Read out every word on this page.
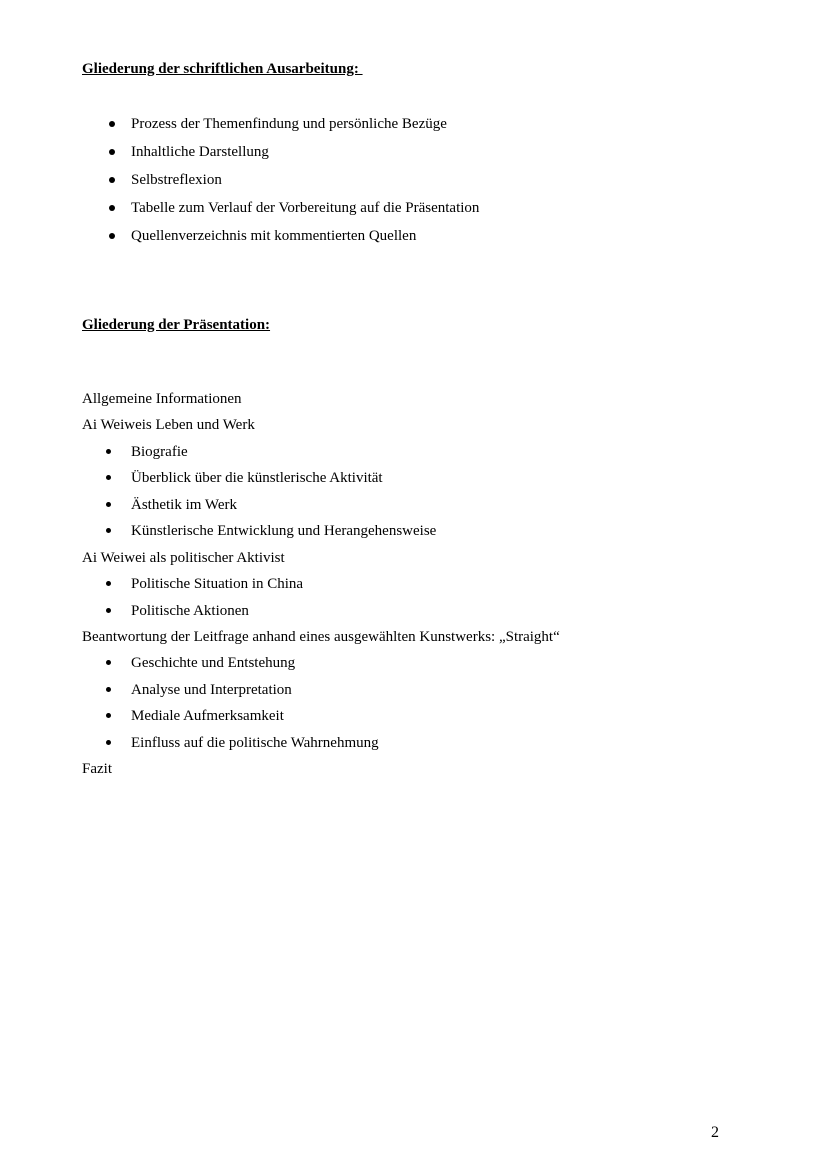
Gliederung der schriftlichen Ausarbeitung:
Prozess der Themenfindung und persönliche Bezüge
Inhaltliche Darstellung
Selbstreflexion
Tabelle zum Verlauf der Vorbereitung auf die Präsentation
Quellenverzeichnis mit kommentierten Quellen
Gliederung der Präsentation:
Allgemeine Informationen
Ai Weiweis Leben und Werk
Biografie
Überblick über die künstlerische Aktivität
Ästhetik im Werk
Künstlerische Entwicklung und Herangehensweise
Ai Weiwei als politischer Aktivist
Politische Situation in China
Politische Aktionen
Beantwortung der Leitfrage anhand eines ausgewählten Kunstwerks: „Straight“
Geschichte und Entstehung
Analyse und Interpretation
Mediale Aufmerksamkeit
Einfluss auf die politische Wahrnehmung
Fazit
2
